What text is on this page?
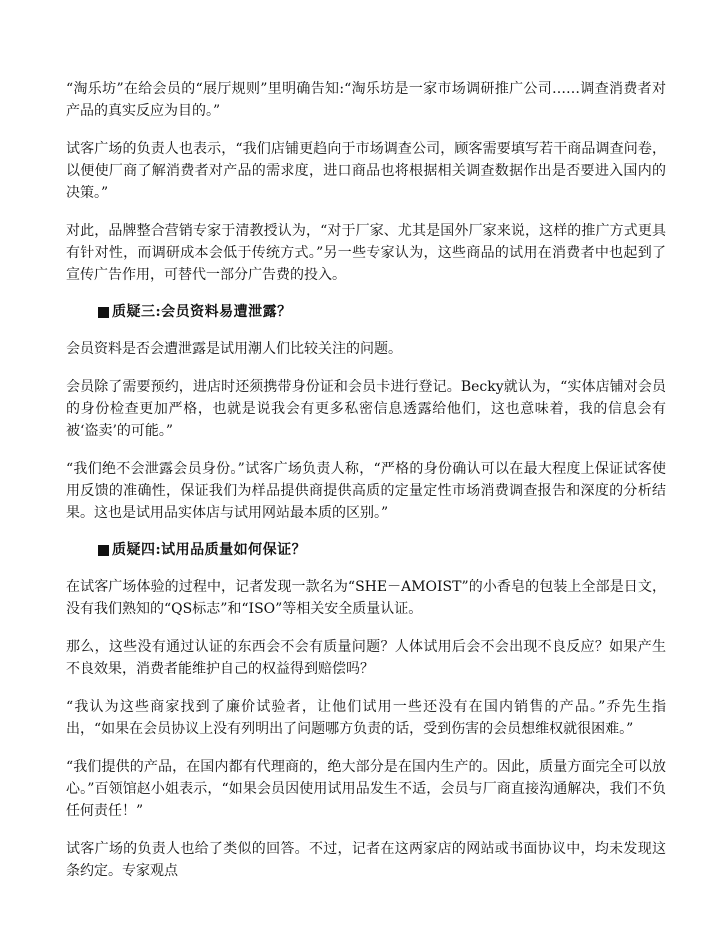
“淘乐坊”在给会员的“展厅规则”里明确告知:“淘乐坊是一家市场调研推广公司……调查消费者对产品的真实反应为目的。”

试客广场的负责人也表示，“我们店铺更趋向于市场调查公司，顾客需要填写若干商品调查问卷，以便使厂商了解消费者对产品的需求度，进口商品也将根据相关调查数据作出是否要进入国内的决策。”

对此，品牌整合营销专家于清教授认为，“对于厂家、尤其是国外厂家来说，这样的推广方式更具有针对性，而调研成本会低于传统方式。”另一些专家认为，这些商品的试用在消费者中也起到了宣传广告作用，可替代一部分广告费的投入。

质疑三:会员资料易遭泄露？

会员资料是否会遭泄露是试用潮人们比较关注的问题。

会员除了需要预约，进店时还须携带身份证和会员卡进行登记。Becky就认为，“实体店铺对会员的身份检查更加严格，也就是说我会有更多私密信息透露给他们，这也意味着，我的信息会有被‘盗卖’的可能。”

“我们绝不会泄露会员身份。”试客广场负责人称，“严格的身份确认可以在最大程度上保证试客使用反馈的准确性，保证我们为样品提供商提供高质的定量定性市场消费调查报告和深度的分析结果。这也是试用品实体店与试用网站最本质的区别。”

质疑四:试用品质量如何保证？

在试客广场体验的过程中，记者发现一款名为“SHE－AMOIST”的小香皂的包装上全部是日文，没有我们熟知的“QS标志”和“ISO”等相关安全质量认证。

那么，这些没有通过认证的东西会不会有质量问题？人体试用后会不会出现不良反应？如果产生不良效果，消费者能维护自己的权益得到赔偿吗？

“我认为这些商家找到了廉价试验者，让他们试用一些还没有在国内销售的产品。”乔先生指出，“如果在会员协议上没有列明出了问题哪方负责的话，受到伤害的会员想维权就很困难。”

“我们提供的产品，在国内都有代理商的，绝大部分是在国内生产的。因此，质量方面完全可以放心。”百领馆赵小姐表示，“如果会员因使用试用品发生不适，会员与厂商直接沟通解决，我们不负任何责任！”

试客广场的负责人也给了类似的回答。不过，记者在这两家店的网站或书面协议中，均未发现这条约定。专家观点
